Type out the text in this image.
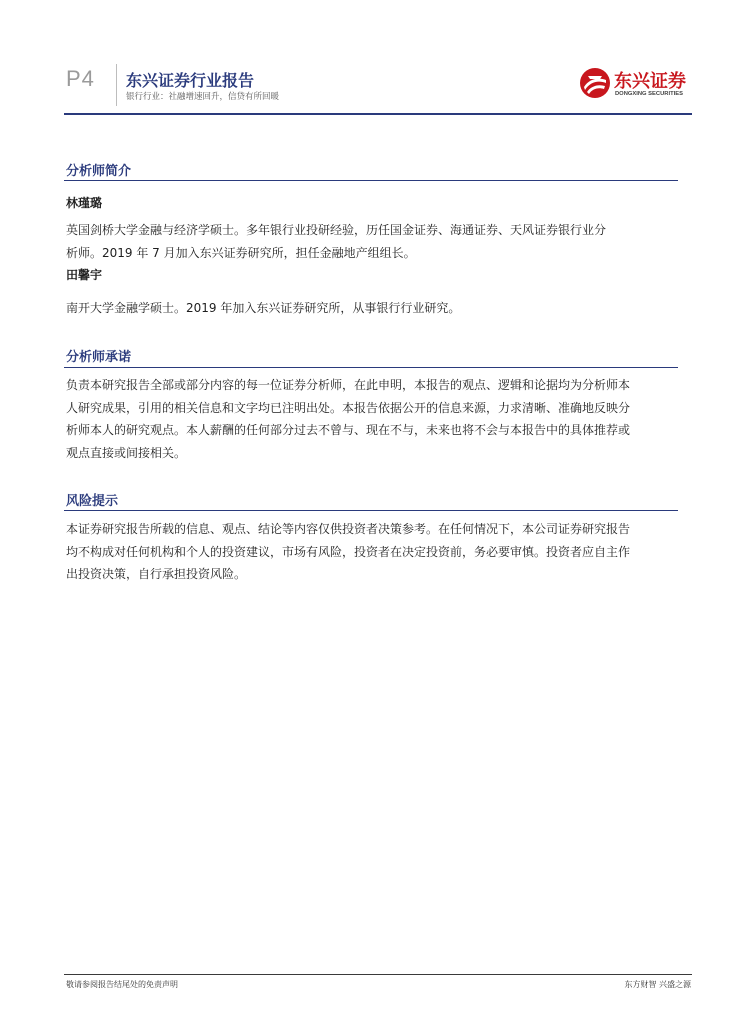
P4 东兴证券行业报告
银行行业：社融增速回升，信贷有所回暖
东兴证券
DONGXING SECURITIES
分析师简介
林瑾璐
英国剑桥大学金融与经济学硕士。多年银行业投研经验，历任国金证券、海通证券、天风证券银行业分
析师。2019 年 7 月加入东兴证券研究所，担任金融地产组组长。
田馨宇
南开大学金融学硕士。2019 年加入东兴证券研究所，从事银行行业研究。
分析师承诺
负责本研究报告全部或部分内容的每一位证券分析师，在此申明，本报告的观点、逻辑和论据均为分析师本
人研究成果，引用的相关信息和文字均已注明出处。本报告依据公开的信息来源，力求清晰、准确地反映分
析师本人的研究观点。本人薪酬的任何部分过去不曾与、现在不与，未来也将不会与本报告中的具体推荐或
观点直接或间接相关。
风险提示
本证券研究报告所载的信息、观点、结论等内容仅供投资者决策参考。在任何情况下，本公司证券研究报告
均不构成对任何机构和个人的投资建议，市场有风险，投资者在决定投资前，务必要审慎。投资者应自主作
出投资决策，自行承担投资风险。
敬请参阅报告结尾处的免责声明	东方财智 兴盛之源
